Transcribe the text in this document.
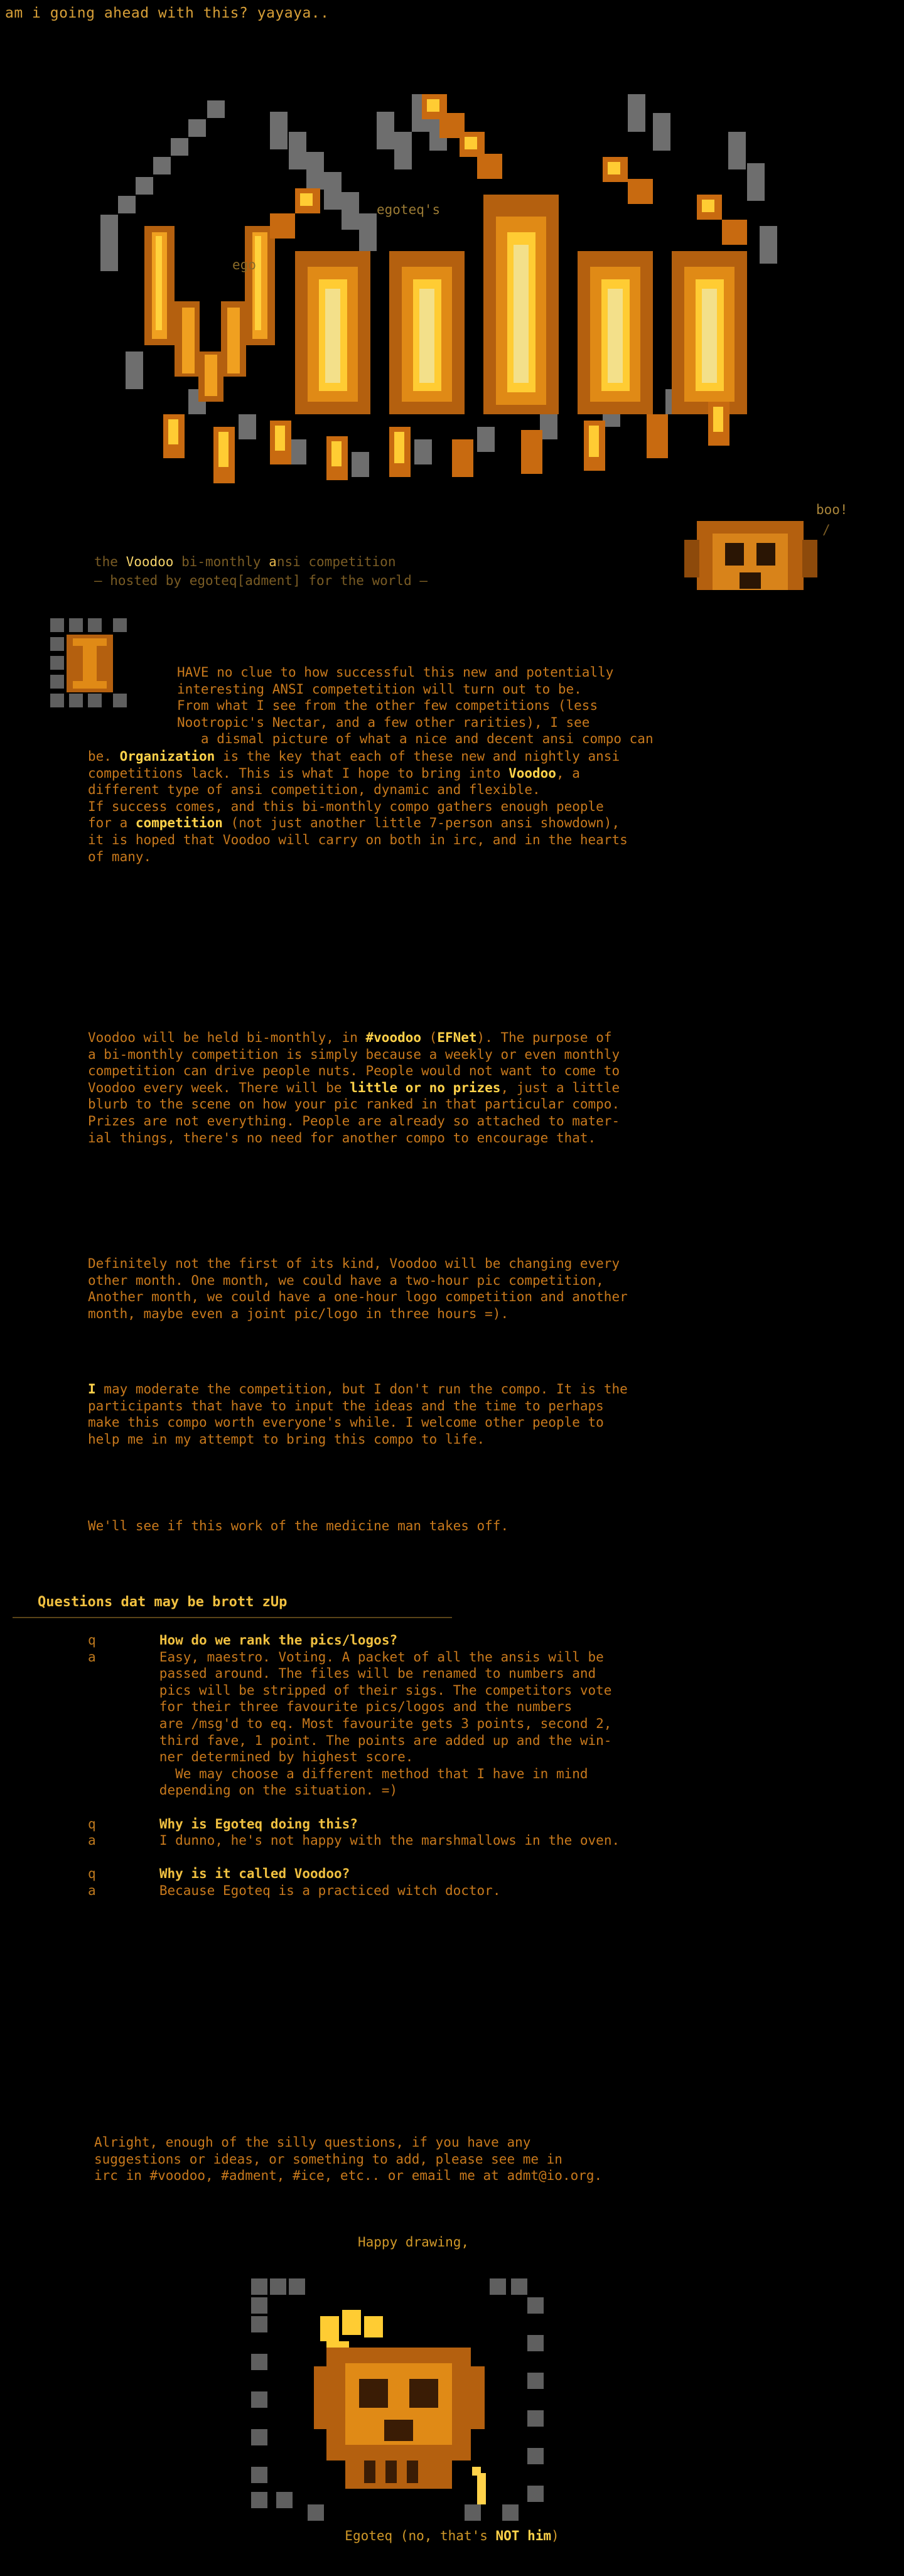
am i going ahead with this? yayaya..
egoteq's
ego
boo!
/
the Voodoo bi-monthly ansi competition
— hosted by egoteq[adment] for the world —
HAVE no clue to how successful this new and potentially
interesting ANSI competetition will turn out to be.
From what I see from the other few competitions (less
Nootropic's Nectar, and a few other rarities), I see
a dismal picture of what a nice and decent ansi compo can
be. Organization is the key that each of these new and nightly ansi
competitions lack. This is what I hope to bring into Voodoo, a
different type of ansi competition, dynamic and flexible.
If success comes, and this bi-monthly compo gathers enough people
for a competition (not just another little 7-person ansi showdown),
it is hoped that Voodoo will carry on both in irc, and in the hearts
of many.
Voodoo will be held bi-monthly, in #voodoo (EFNet). The purpose of
a bi-monthly competition is simply because a weekly or even monthly
competition can drive people nuts. People would not want to come to
Voodoo every week. There will be little or no prizes, just a little
blurb to the scene on how your pic ranked in that particular compo.
Prizes are not everything. People are already so attached to mater-
ial things, there's no need for another compo to encourage that.
Definitely not the first of its kind, Voodoo will be changing every
other month. One month, we could have a two-hour pic competition,
Another month, we could have a one-hour logo competition and another
month, maybe even a joint pic/logo in three hours =).
I may moderate the competition, but I don't run the compo. It is the
participants that have to input the ideas and the time to perhaps
make this compo worth everyone's while. I welcome other people to
help me in my attempt to bring this compo to life.
We'll see if this work of the medicine man takes off.
Questions dat may be brott zUp
q	How do we rank the pics/logos?
a	Easy, maestro. Voting. A packet of all the ansis will be
passed around. The files will be renamed to numbers and
pics will be stripped of their sigs. The competitors vote
for their three favourite pics/logos and the numbers
are /msg'd to eq. Most favourite gets 3 points, second 2,
third fave, 1 point. The points are added up and the win-
ner determined by highest score.
We may choose a different method that I have in mind
depending on the situation. =)

q	Why is Egoteq doing this?
a	I dunno, he's not happy with the marshmallows in the oven.

q	Why is it called Voodoo?
a	Because Egoteq is a practiced witch doctor.
Alright, enough of the silly questions, if you have any
suggestions or ideas, or something to add, please see me in
irc in #voodoo, #adment, #ice, etc.. or email me at admt@io.org.
Happy drawing,
Egoteq (no, that's NOT him)
